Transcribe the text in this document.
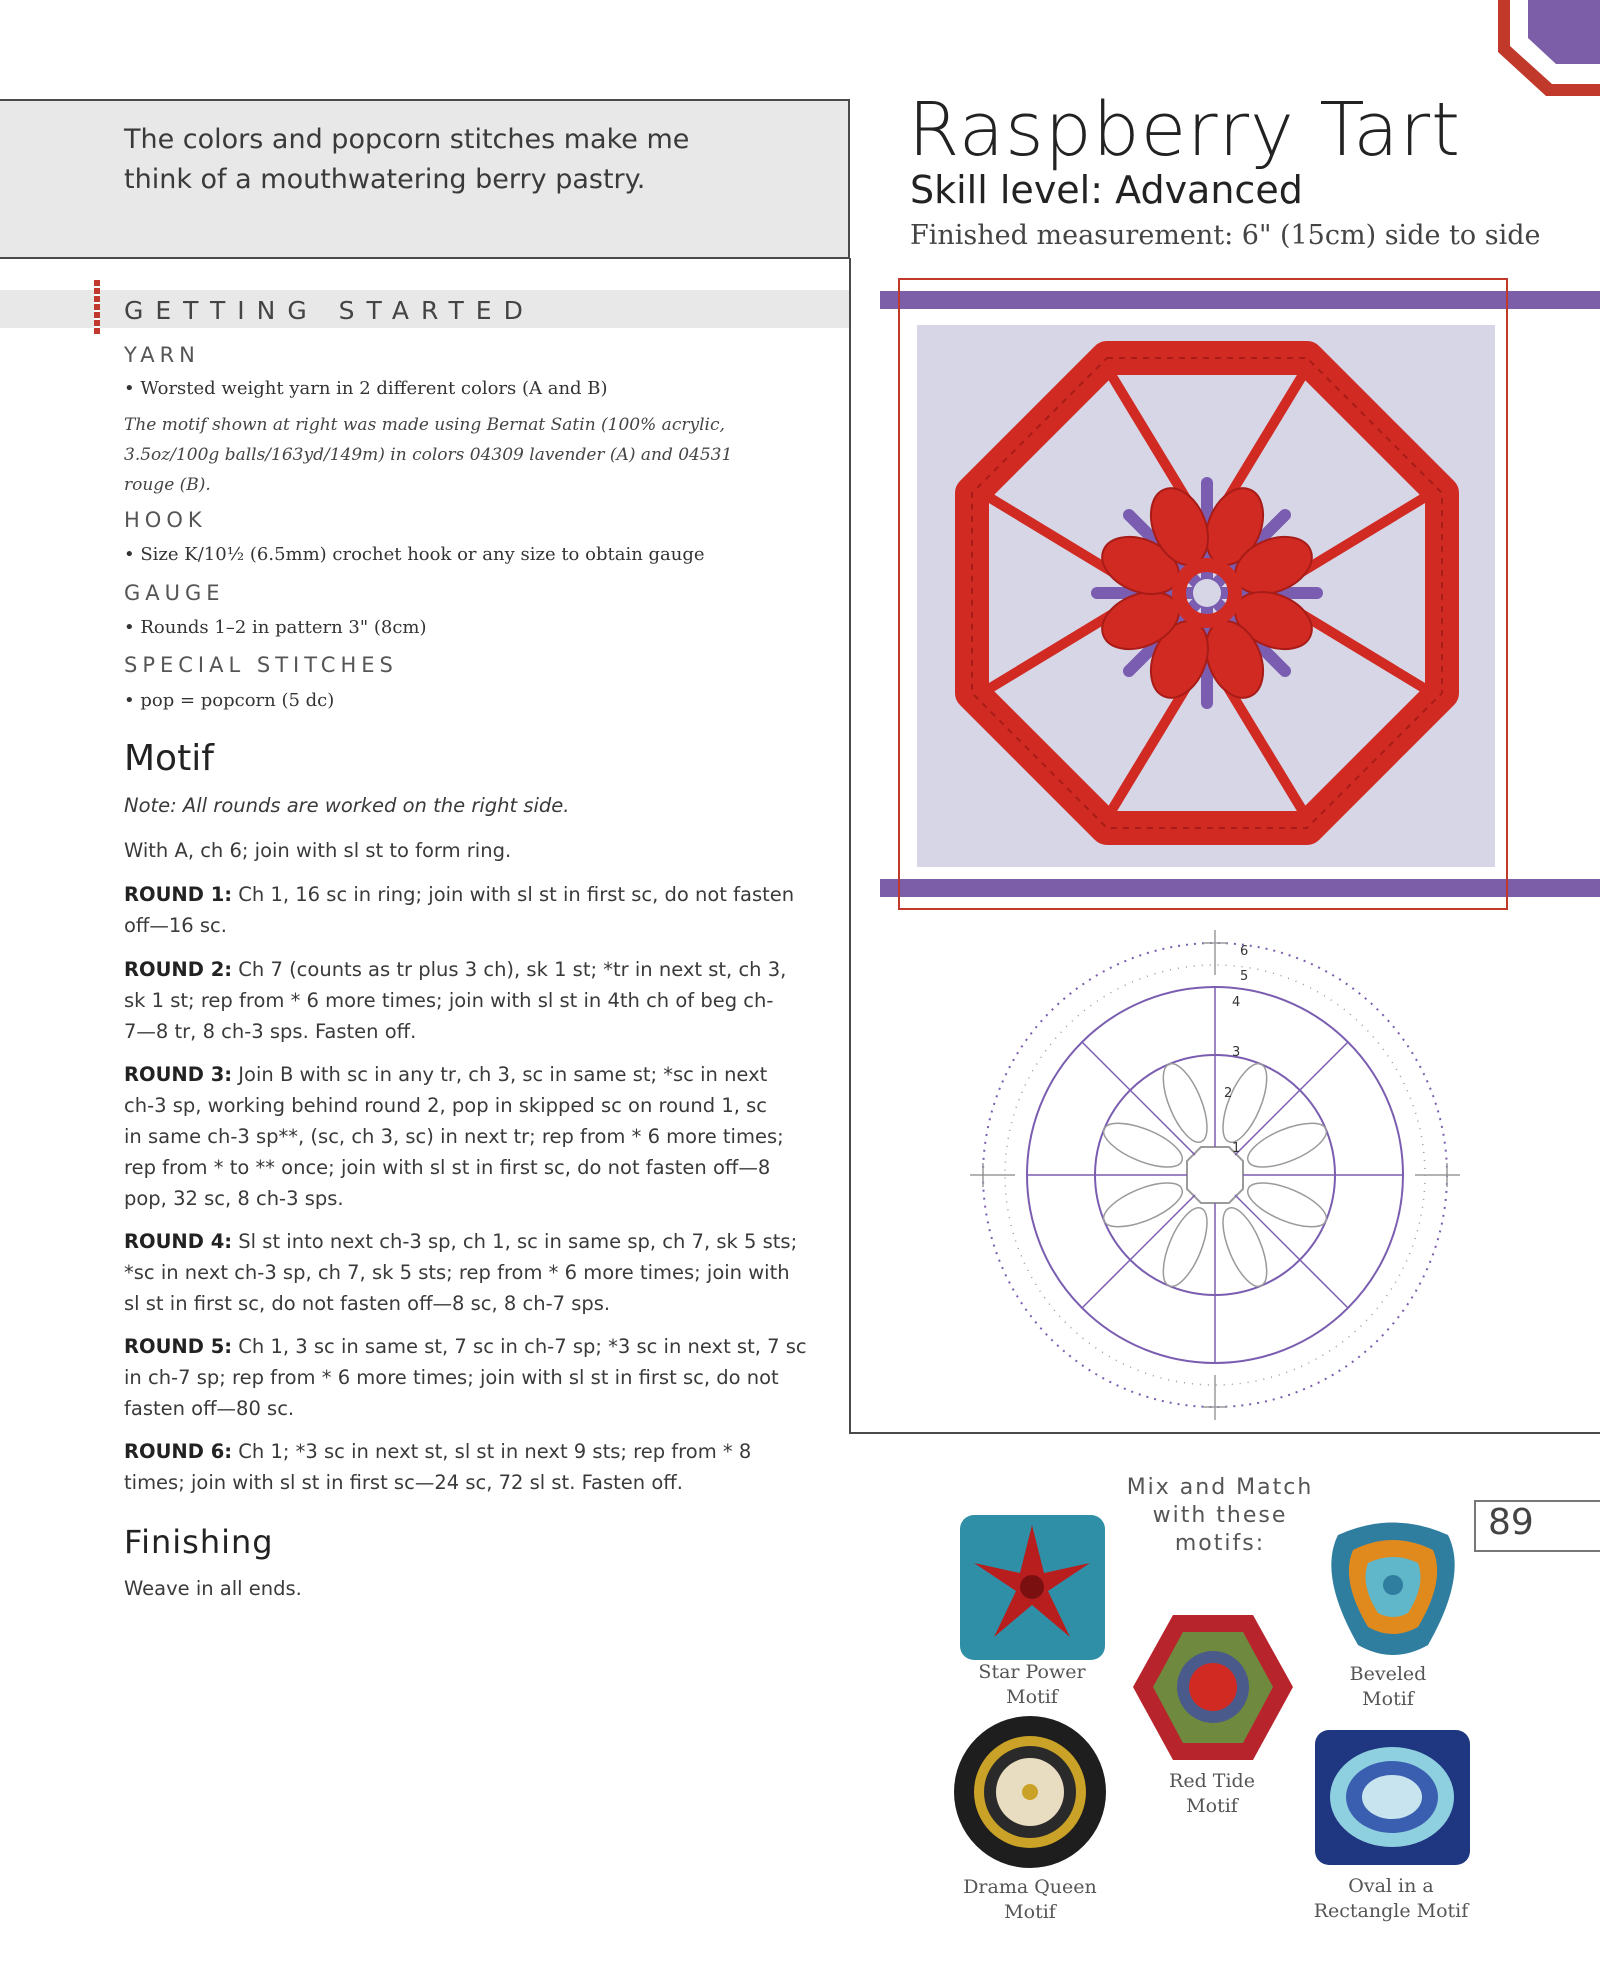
The colors and popcorn stitches make me
think of a mouthwatering berry pastry.
Raspberry Tart
Skill level: Advanced
Finished measurement: 6" (15cm) side to side
GETTING STARTED
YARN
• Worsted weight yarn in 2 different colors (A and B)
The motif shown at right was made using Bernat Satin (100% acrylic,
3.5oz/100g balls/163yd/149m) in colors 04309 lavender (A) and 04531
rouge (B).
HOOK
• Size K/10½ (6.5mm) crochet hook or any size to obtain gauge
GAUGE
• Rounds 1–2 in pattern 3" (8cm)
SPECIAL STITCHES
• pop = popcorn (5 dc)
Motif
Note: All rounds are worked on the right side.
With A, ch 6; join with sl st to form ring.
ROUND 1: Ch 1, 16 sc in ring; join with sl st in first sc, do not fasten
off—16 sc.
ROUND 2: Ch 7 (counts as tr plus 3 ch), sk 1 st; *tr in next st, ch 3,
sk 1 st; rep from * 6 more times; join with sl st in 4th ch of beg ch-
7—8 tr, 8 ch-3 sps. Fasten off.
ROUND 3: Join B with sc in any tr, ch 3, sc in same st; *sc in next
ch-3 sp, working behind round 2, pop in skipped sc on round 1, sc
in same ch-3 sp**, (sc, ch 3, sc) in next tr; rep from * 6 more times;
rep from * to ** once; join with sl st in first sc, do not fasten off—8
pop, 32 sc, 8 ch-3 sps.
ROUND 4: Sl st into next ch-3 sp, ch 1, sc in same sp, ch 7, sk 5 sts;
*sc in next ch-3 sp, ch 7, sk 5 sts; rep from * 6 more times; join with
sl st in first sc, do not fasten off—8 sc, 8 ch-7 sps.
ROUND 5: Ch 1, 3 sc in same st, 7 sc in ch-7 sp; *3 sc in next st, 7 sc
in ch-7 sp; rep from * 6 more times; join with sl st in first sc, do not
fasten off—80 sc.
ROUND 6: Ch 1; *3 sc in next st, sl st in next 9 sts; rep from * 8
times; join with sl st in first sc—24 sc, 72 sl st. Fasten off.
Finishing
Weave in all ends.
1
2
3
4
5
6
Mix and Match
with these
motifs:
89
Star Power
Motif
Red Tide
Motif
Beveled
Motif
Drama Queen
Motif
Oval in a
Rectangle Motif
